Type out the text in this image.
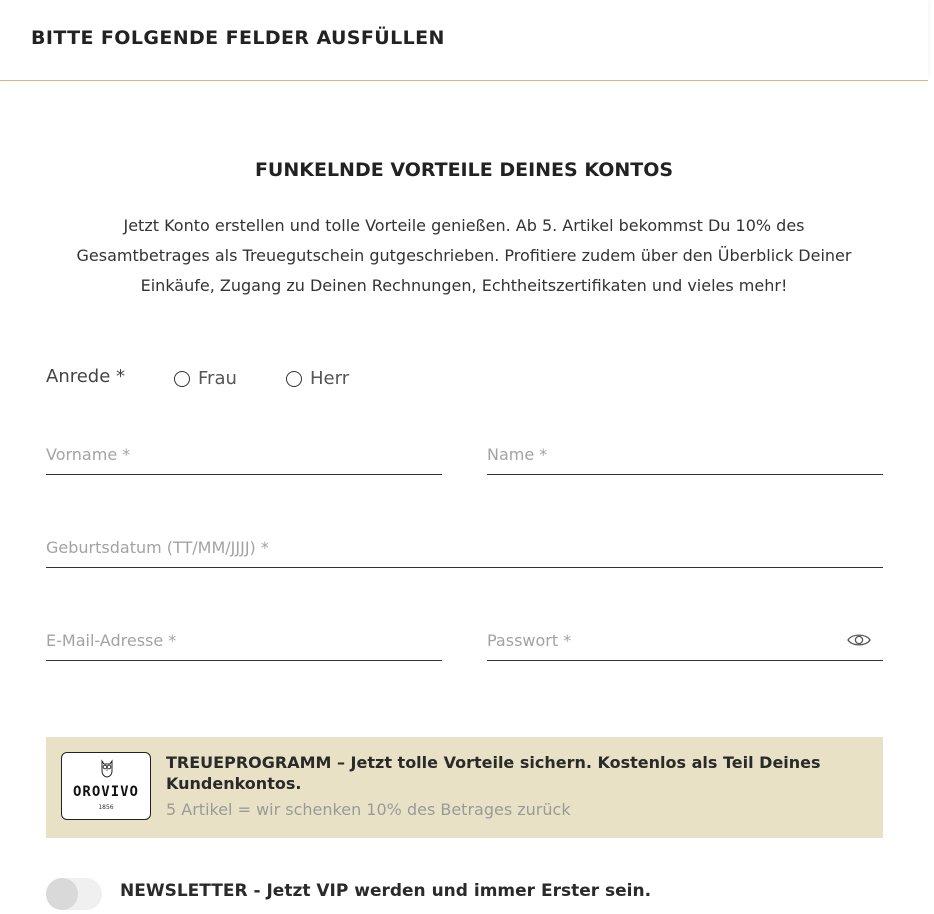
BITTE FOLGENDE FELDER AUSFÜLLEN
FUNKELNDE VORTEILE DEINES KONTOS
Jetzt Konto erstellen und tolle Vorteile genießen. Ab 5. Artikel bekommst Du 10% des Gesamtbetrages als Treuegutschein gutgeschrieben. Profitiere zudem über den Überblick Deiner Einkäufe, Zugang zu Deinen Rechnungen, Echtheitszertifikaten und vieles mehr!
Anrede *	Frau	Herr
Vorname *
Name *
Geburtsdatum (TT/MM/JJJJ) *
E-Mail-Adresse *
OROVIVO
1856
TREUEPROGRAMM – Jetzt tolle Vorteile sichern. Kostenlos als Teil Deines Kundenkontos.
5 Artikel = wir schenken 10% des Betrages zurück
NEWSLETTER - Jetzt VIP werden und immer Erster sein.
